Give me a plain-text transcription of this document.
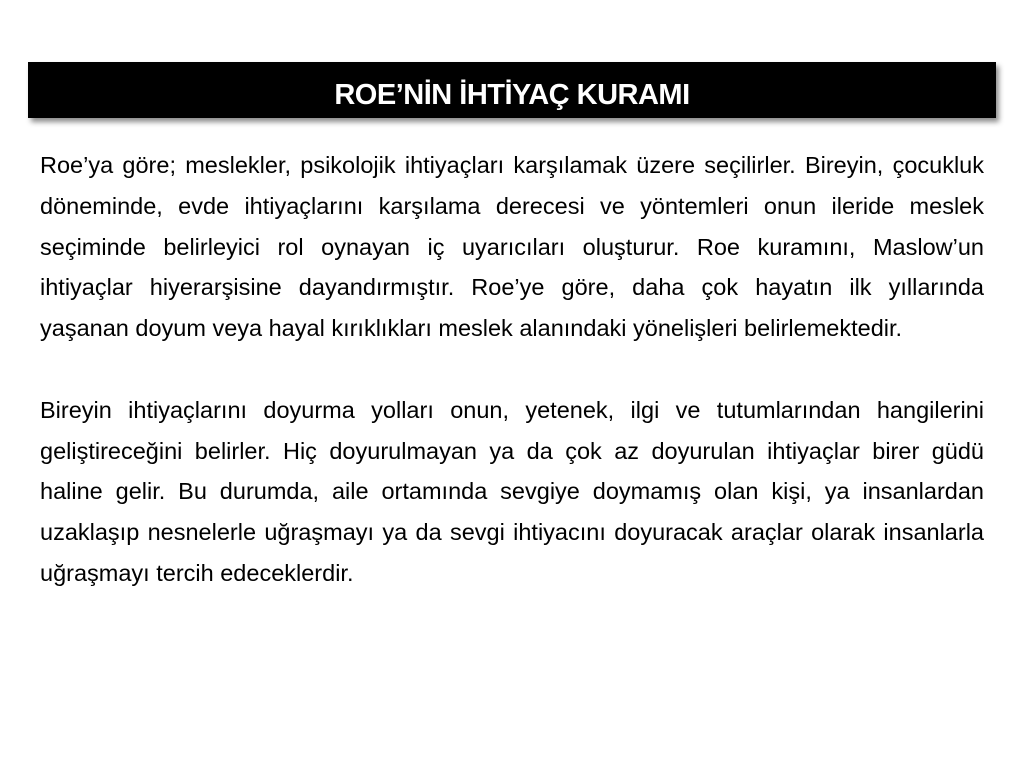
ROE’NİN İHTİYAÇ KURAMI

Roe’ya göre; meslekler, psikolojik ihtiyaçları karşılamak üzere seçilirler. Bireyin, çocukluk döneminde, evde ihtiyaçlarını karşılama derecesi ve yöntemleri onun ileride meslek seçiminde belirleyici rol oynayan iç uyarıcıları oluşturur. Roe kuramını, Maslow’un ihtiyaçlar hiyerarşisine dayandırmıştır. Roe’ye göre, daha çok hayatın ilk yıllarında yaşanan doyum veya hayal kırıklıkları meslek alanındaki yönelişleri belirlemektedir.

Bireyin ihtiyaçlarını doyurma yolları onun, yetenek, ilgi ve tutumlarından hangilerini geliştireceğini belirler. Hiç doyurulmayan ya da çok az doyurulan ihtiyaçlar birer güdü haline gelir. Bu durumda, aile ortamında sevgiye doymamış olan kişi, ya insanlardan uzaklaşıp nesnelerle uğraşmayı ya da sevgi ihtiyacını doyuracak araçlar olarak insanlarla uğraşmayı tercih edeceklerdir.
